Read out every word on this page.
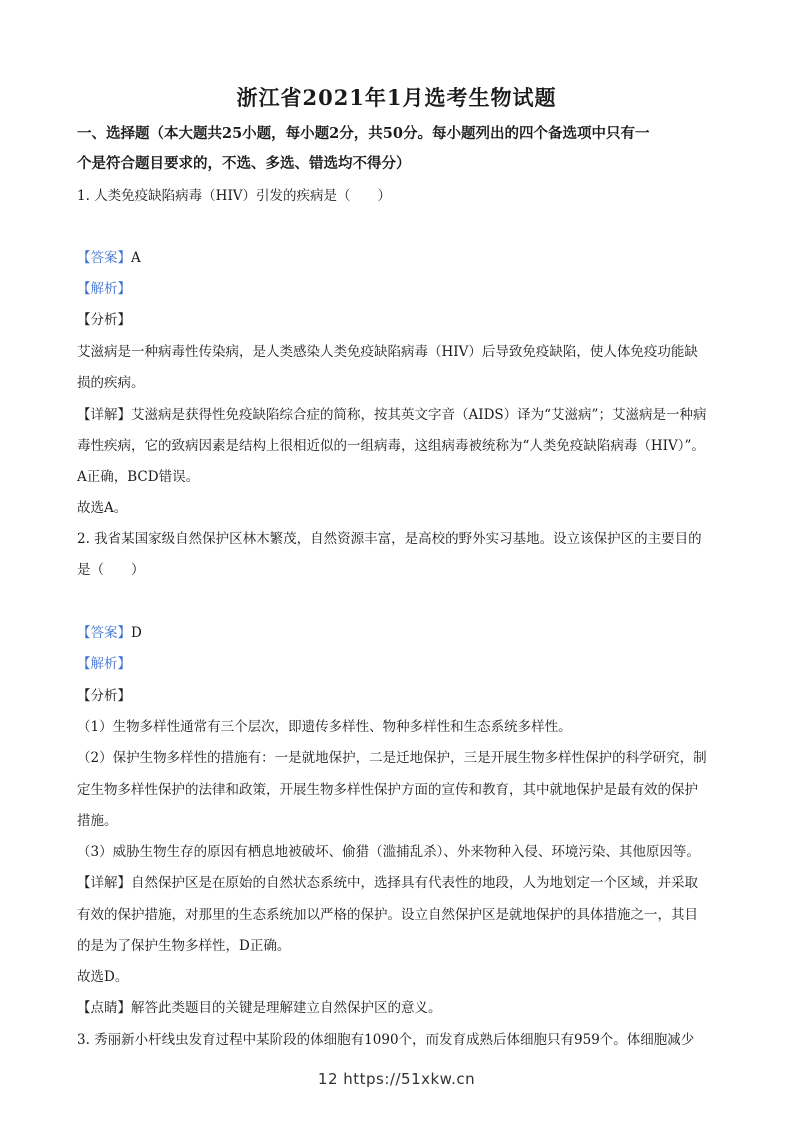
浙江省2021年1月选考生物试题
一、选择题（本大题共25小题，每小题2分，共50分。每小题列出的四个备选项中只有一
个是符合题目要求的，不选、多选、错选均不得分）
1. 人类免疫缺陷病毒（HIV）引发的疾病是（　　）
【答案】A
【解析】
【分析】
艾滋病是一种病毒性传染病，是人类感染人类免疫缺陷病毒（HIV）后导致免疫缺陷，使人体免疫功能缺
损的疾病。
【详解】艾滋病是获得性免疫缺陷综合症的简称，按其英文字音（AIDS）译为“艾滋病”；艾滋病是一种病
毒性疾病，它的致病因素是结构上很相近似的一组病毒，这组病毒被统称为“人类免疫缺陷病毒（HIV）”。
A正确，BCD错误。
故选A。
2. 我省某国家级自然保护区林木繁茂，自然资源丰富，是高校的野外实习基地。设立该保护区的主要目的
是（　　）
【答案】D
【解析】
【分析】
（1）生物多样性通常有三个层次，即遗传多样性、物种多样性和生态系统多样性。
（2）保护生物多样性的措施有：一是就地保护，二是迁地保护，三是开展生物多样性保护的科学研究，制
定生物多样性保护的法律和政策，开展生物多样性保护方面的宣传和教育，其中就地保护是最有效的保护
措施。
（3）威胁生物生存的原因有栖息地被破坏、偷猎（滥捕乱杀）、外来物种入侵、环境污染、其他原因等。
【详解】自然保护区是在原始的自然状态系统中，选择具有代表性的地段，人为地划定一个区域，并采取
有效的保护措施，对那里的生态系统加以严格的保护。设立自然保护区是就地保护的具体措施之一，其目
的是为了保护生物多样性，D正确。
故选D。
【点睛】解答此类题目的关键是理解建立自然保护区的意义。
3. 秀丽新小杆线虫发育过程中某阶段的体细胞有1090个，而发育成熟后体细胞只有959个。体细胞减少
12 https://51xkw.cn
